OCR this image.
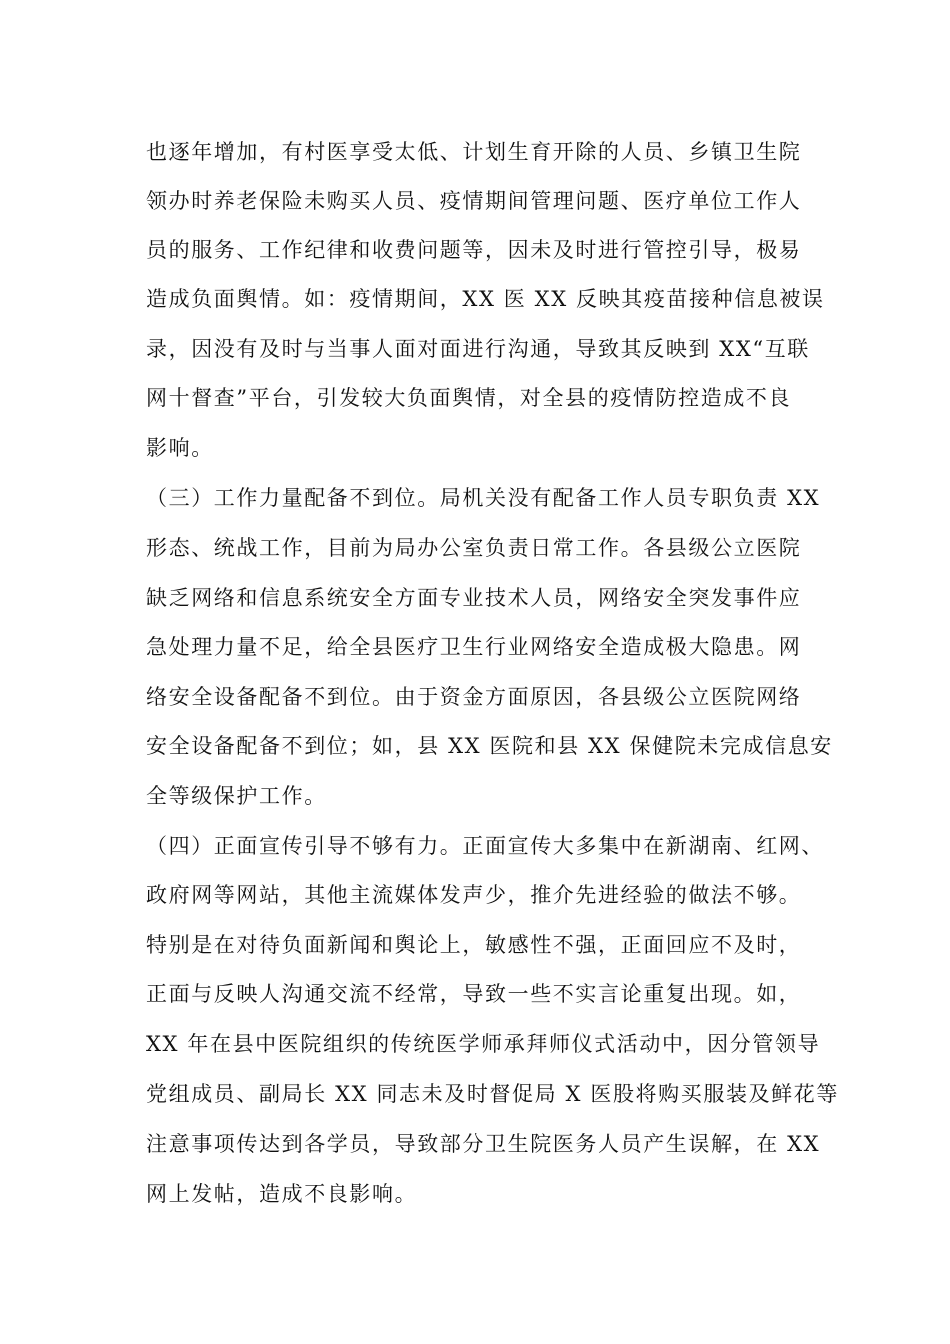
也逐年增加，有村医享受太低、计划生育开除的人员、乡镇卫生院
领办时养老保险未购买人员、疫情期间管理问题、医疗单位工作人
员的服务、工作纪律和收费问题等，因未及时进行管控引导，极易
造成负面舆情。如：疫情期间，XX 医 XX 反映其疫苗接种信息被误
录，因没有及时与当事人面对面进行沟通，导致其反映到 XX“互联
网十督查”平台，引发较大负面舆情，对全县的疫情防控造成不良
影响。
（三）工作力量配备不到位。局机关没有配备工作人员专职负责 XX
形态、统战工作，目前为局办公室负责日常工作。各县级公立医院
缺乏网络和信息系统安全方面专业技术人员，网络安全突发事件应
急处理力量不足，给全县医疗卫生行业网络安全造成极大隐患。网
络安全设备配备不到位。由于资金方面原因，各县级公立医院网络
安全设备配备不到位；如，县 XX 医院和县 XX 保健院未完成信息安
全等级保护工作。
（四）正面宣传引导不够有力。正面宣传大多集中在新湖南、红网、
政府网等网站，其他主流媒体发声少，推介先进经验的做法不够。
特别是在对待负面新闻和舆论上，敏感性不强，正面回应不及时，
正面与反映人沟通交流不经常，导致一些不实言论重复出现。如，
XX 年在县中医院组织的传统医学师承拜师仪式活动中，因分管领导
党组成员、副局长 XX 同志未及时督促局 X 医股将购买服装及鲜花等
注意事项传达到各学员，导致部分卫生院医务人员产生误解，在 XX
网上发帖，造成不良影响。
